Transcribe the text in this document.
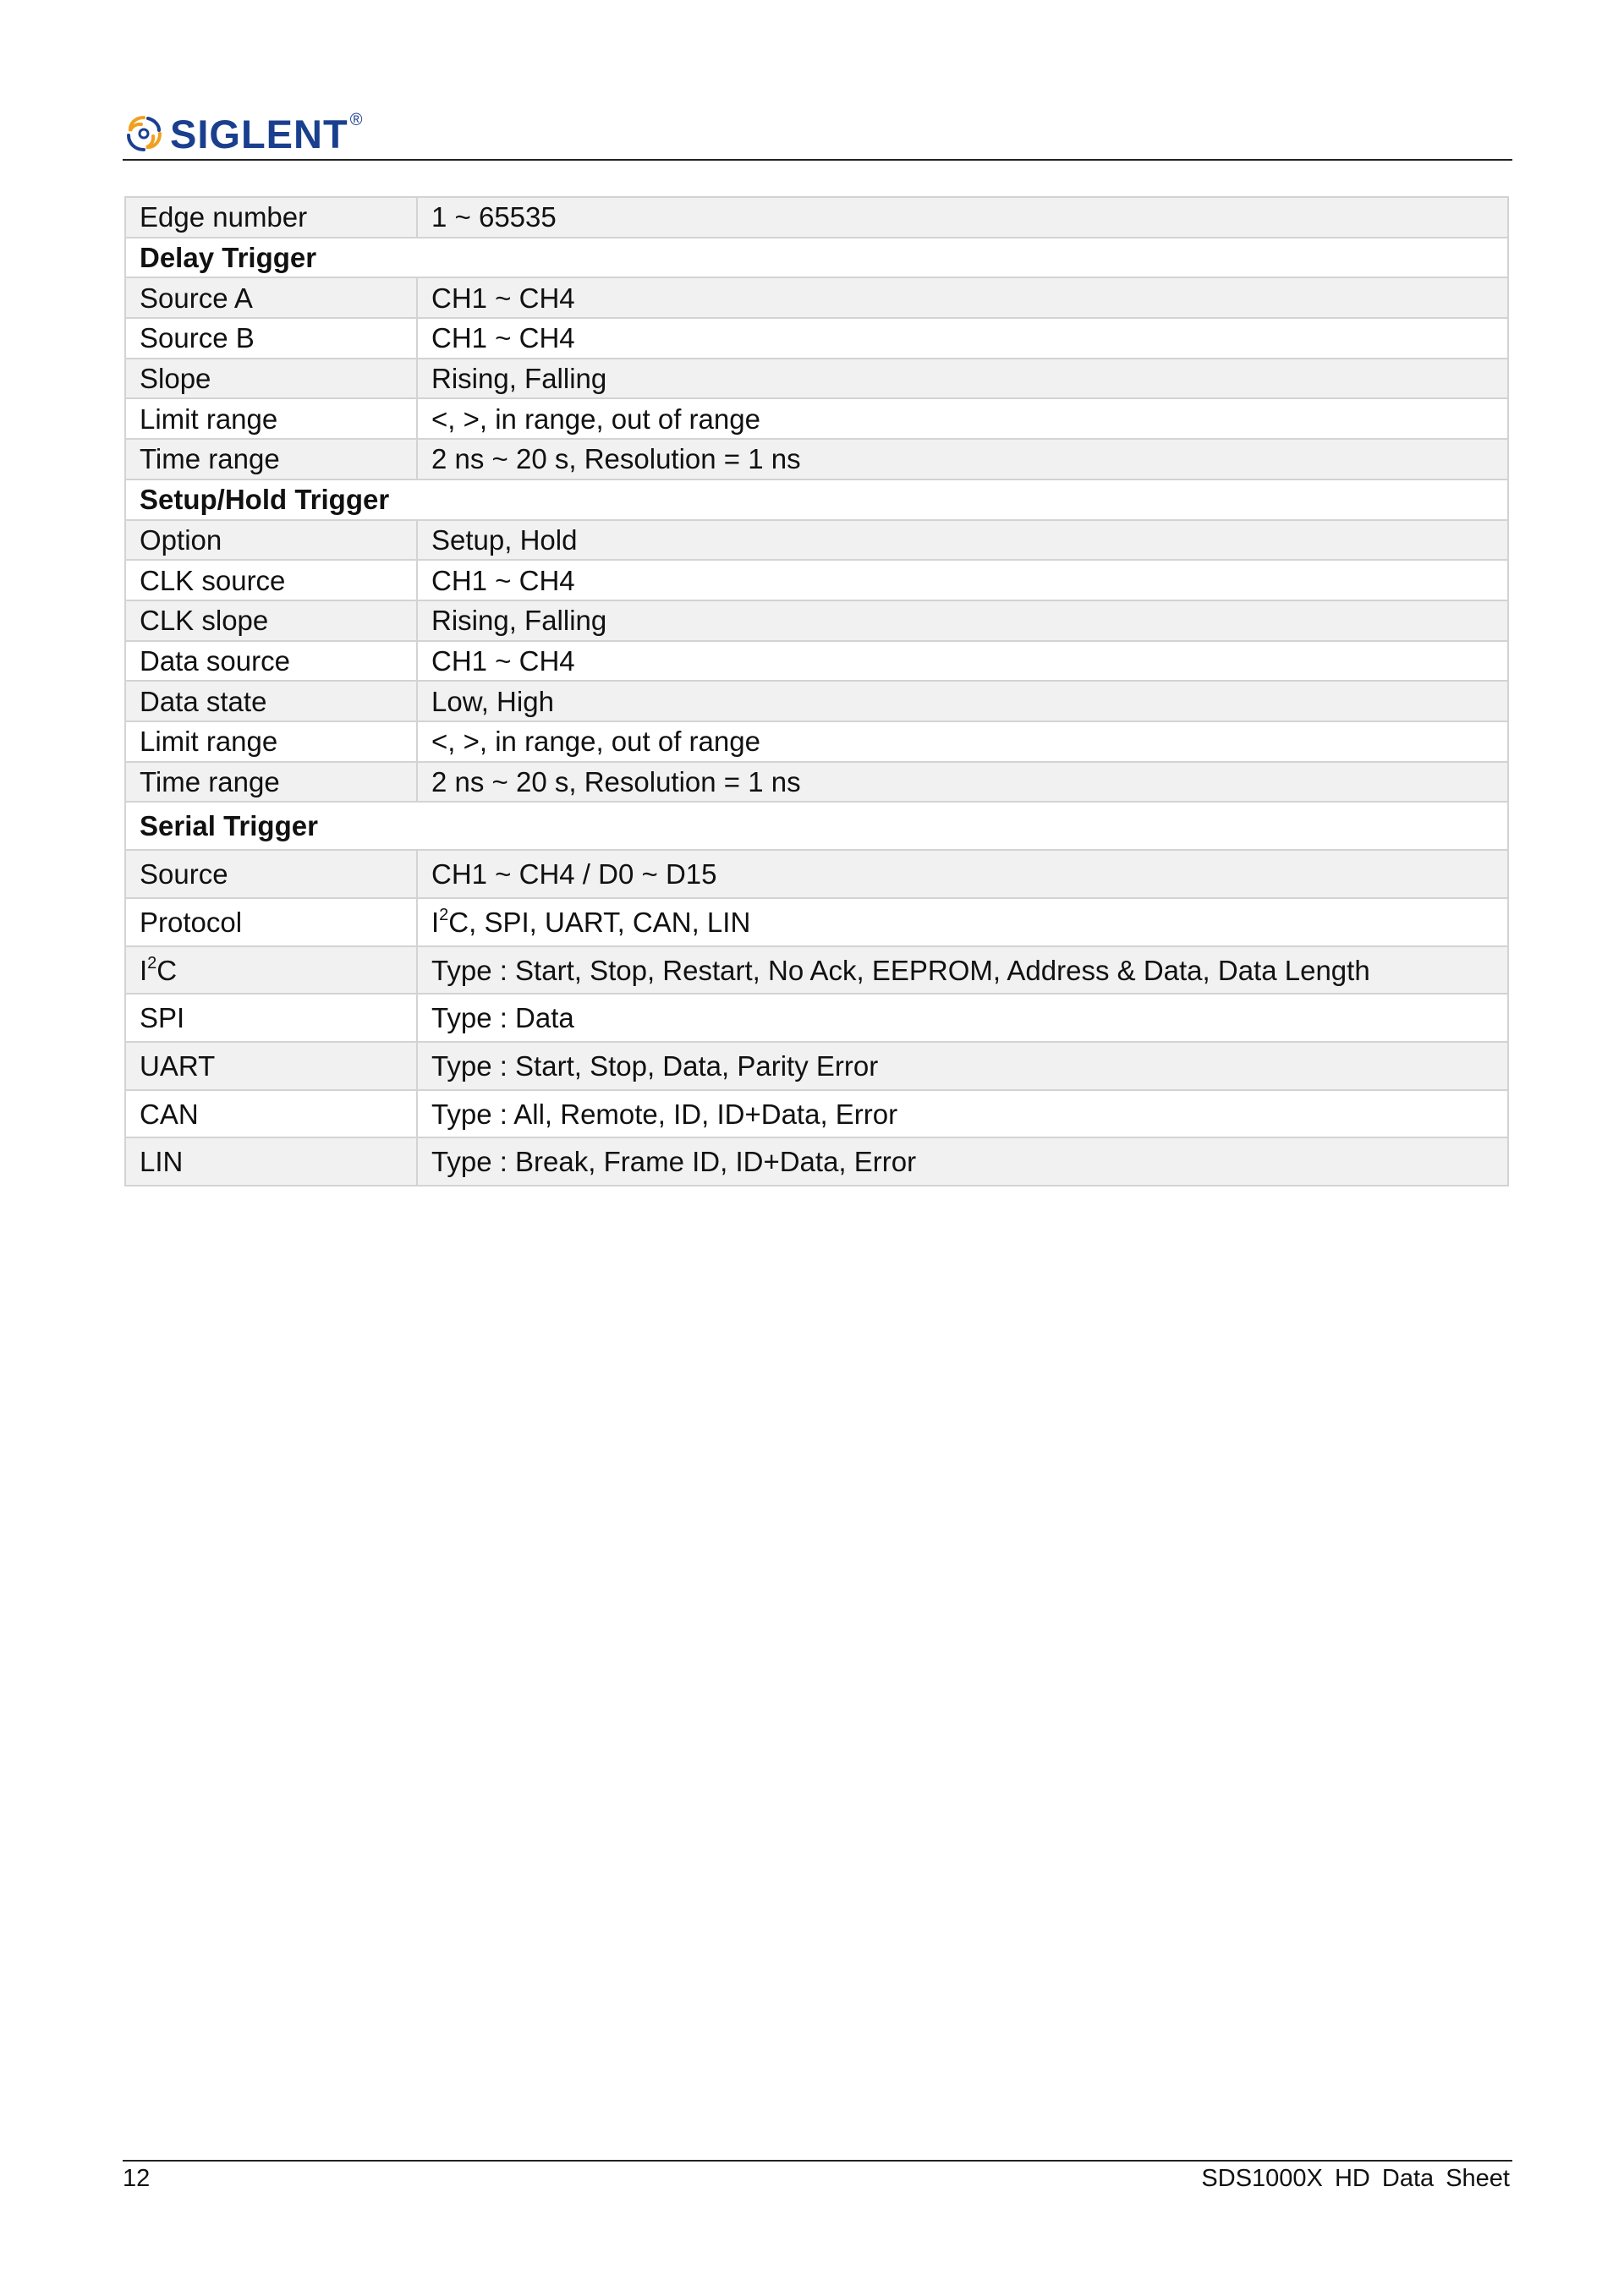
SIGLENT ®
Edge number	1 ~ 65535
Delay Trigger	
Source A	CH1 ~ CH4
Source B	CH1 ~ CH4
Slope	Rising, Falling
Limit range	<, >, in range, out of range
Time range	2 ns ~ 20 s, Resolution = 1 ns
Setup/Hold Trigger	
Option	Setup, Hold
CLK source	CH1 ~ CH4
CLK slope	Rising, Falling
Data source	CH1 ~ CH4
Data state	Low, High
Limit range	<, >, in range, out of range
Time range	2 ns ~ 20 s, Resolution = 1 ns
Serial Trigger	
Source	CH1 ~ CH4 / D0 ~ D15
Protocol	$I^2C$, SPI, UART, CAN, LIN
$I^2C$	Type : Start, Stop, Restart, No Ack, EEPROM, Address & Data, Data Length
SPI	Type : Data
UART	Type : Start, Stop, Data, Parity Error
CAN	Type : All, Remote, ID, ID+Data, Error
LIN	Type : Break, Frame ID, ID+Data, Error
12	SDS1000X HD Data Sheet
